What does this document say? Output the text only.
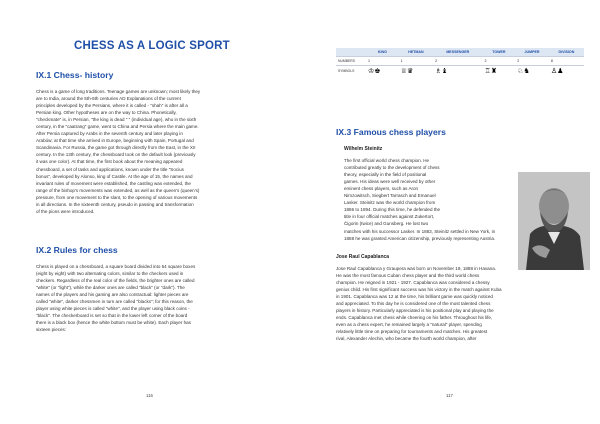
CHESS AS A LOGIC SPORT
IX.1 Chess- history
Chess is a game of long traditions. Teenage games are unknown; most likely they
are to India, around the 5th-6th centuries AD Explanations of the current
principles developed by the Persians, where it is called - "shah" is after all a
Persian king. Other hypotheses are on the way to China. Phonetically,
"checkmate" is, in Persian, "the king is dead " " (individual age), who in the sixth
century, in the "caatrang" game, went to China and Persia where the main game.
After Persia captured by Arabs in the seventh century and later playing in
Arabów; at that time she arrived in Europe, beginning with Spain, Portugal and
Scandinavia. For Russia, the game got through directly from the East, in the XII
century. In the 13th century, the chessboard took on the default look (previously
it was one color). At that time, the first book about the meaning appeared
chessboard, a set of tasks and applications, known under the title "Socius
bonus", developed by Alonso, king of Castile. At the age of 15, the names and
invariant rules of movement were established, the castling was extended, the
range of the bishop's movements was extended, as well as the queen's (queen's)
pressure, from one movement to the slant, to the opening of various movements
in all directions. In the sixteenth century, pseudo in passing and transformation
of the pions were introduced.
IX.2 Rules for chess
Chess is played on a chessboard, a square board divided into 64 square boxes
(eight by eight) with two alternating colors, similar to the checkers used in
checkers. Regardless of the real color of the fields, the brighter ones are called
"white" (or "light"), while the darker ones are called "black" (or "dark"). The
names of the players and his gaming are also contractual: lighter pieces are
called "white", darker chessmen in turn are called "blacks"; for this reason, the
player using white pieces is called "white", and the player using black coins -
"black". The checkerboard is set so that in the lower left corner of the board
there is a black box (hence the white bottom must be white). Each player has
sixteen pieces:
116
	KING	HETMAN	MESSENGER	TOWER	JUMPER	DIVISION
NUMBERS	1	1	2	2	2	8
SYMBOLS	♔♚	♕♛	♗♝	♖♜	♘♞	♙♟
IX.3 Famous chess players
Wilhelm Steinitz
The first official world chess champion. He
contributed greatly to the development of chess
theory, especially in the field of positional
games. His ideas were well received by other
eminent chess players, such as Aron
Nimzowitsch, Siegbert Tarrasch and Emanuel
Lasker. Steinitz was the world champion from
1886 to 1894. During this time, he defended the
title in four official matches against Zukertort,
Čigorin (twice) and Gunsberg. He lost two
matches with his successor Lasker. In 1883, Steinitz settled in New York, in
1888 he was granted American citizenship, previously representing Austria.
Jose Raul Capablanca
Jose Raul Capablanca y Graupera was born on November 19, 1888 in Havana.
He was the most famous Cuban chess player and the third world chess
champion. He reigned in 1921 - 1927. Capablanca was considered a chessy
genius child. His first significant success was his victory in the match against Kuba
in 1901. Capablanca was 12 at the time, his brilliant game was quickly noticed
and appreciated. To this day he is considered one of the most talented chess
players in history. Particularly appreciated is his positional play and playing the
ends. Capablanca met chess while cheering on his father. Throughout his life,
even as a chess expert, he remained largely a "natural" player, spending
relatively little time on preparing for tournaments and matches. His greatest
rival, Alexander Alechin, who became the fourth world champion, after
117
